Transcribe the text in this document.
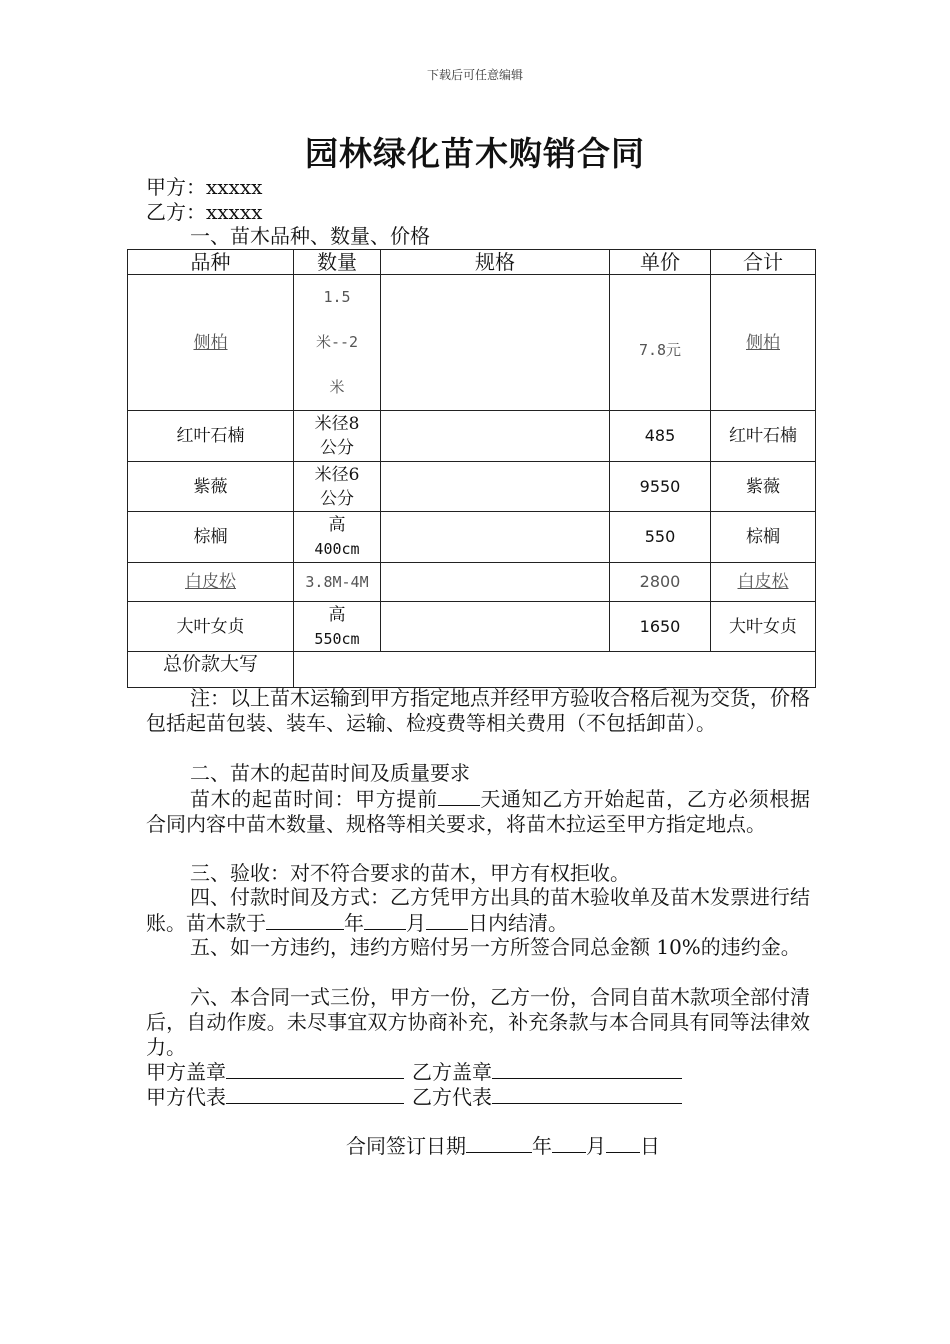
下载后可任意编辑
园林绿化苗木购销合同
甲方：xxxxx
乙方：xxxxx
一、苗木品种、数量、价格
品种	数量	规格	单价	合计
侧柏	1.5
米--2
米		7.8元	侧柏
红叶石楠	米径8
公分		485	红叶石楠
紫薇	米径6
公分		9550	紫薇
棕榈	高
400cm		550	棕榈
白皮松	3.8M-4M		2800	白皮松
大叶女贞	高
550cm		1650	大叶女贞
总价款大写				
注：以上苗木运输到甲方指定地点并经甲方验收合格后视为交货，价格包括起苗包装、装车、运输、检疫费等相关费用（不包括卸苗）。
二、苗木的起苗时间及质量要求
苗木的起苗时间：甲方提前 天通知乙方开始起苗，乙方必须根据合同内容中苗木数量、规格等相关要求，将苗木拉运至甲方指定地点。
三、验收：对不符合要求的苗木，甲方有权拒收。
四、付款时间及方式：乙方凭甲方出具的苗木验收单及苗木发票进行结账。苗木款于	年 月 日内结清。
五、如一方违约，违约方赔付另一方所签合同总金额 10%的违约金。
六、本合同一式三份，甲方一份，乙方一份，合同自苗木款项全部付清后，自动作废。未尽事宜双方协商补充，补充条款与本合同具有同等法律效力。
甲方盖章	乙方盖章
甲方代表	乙方代表
合同签订日期	年 月 日
